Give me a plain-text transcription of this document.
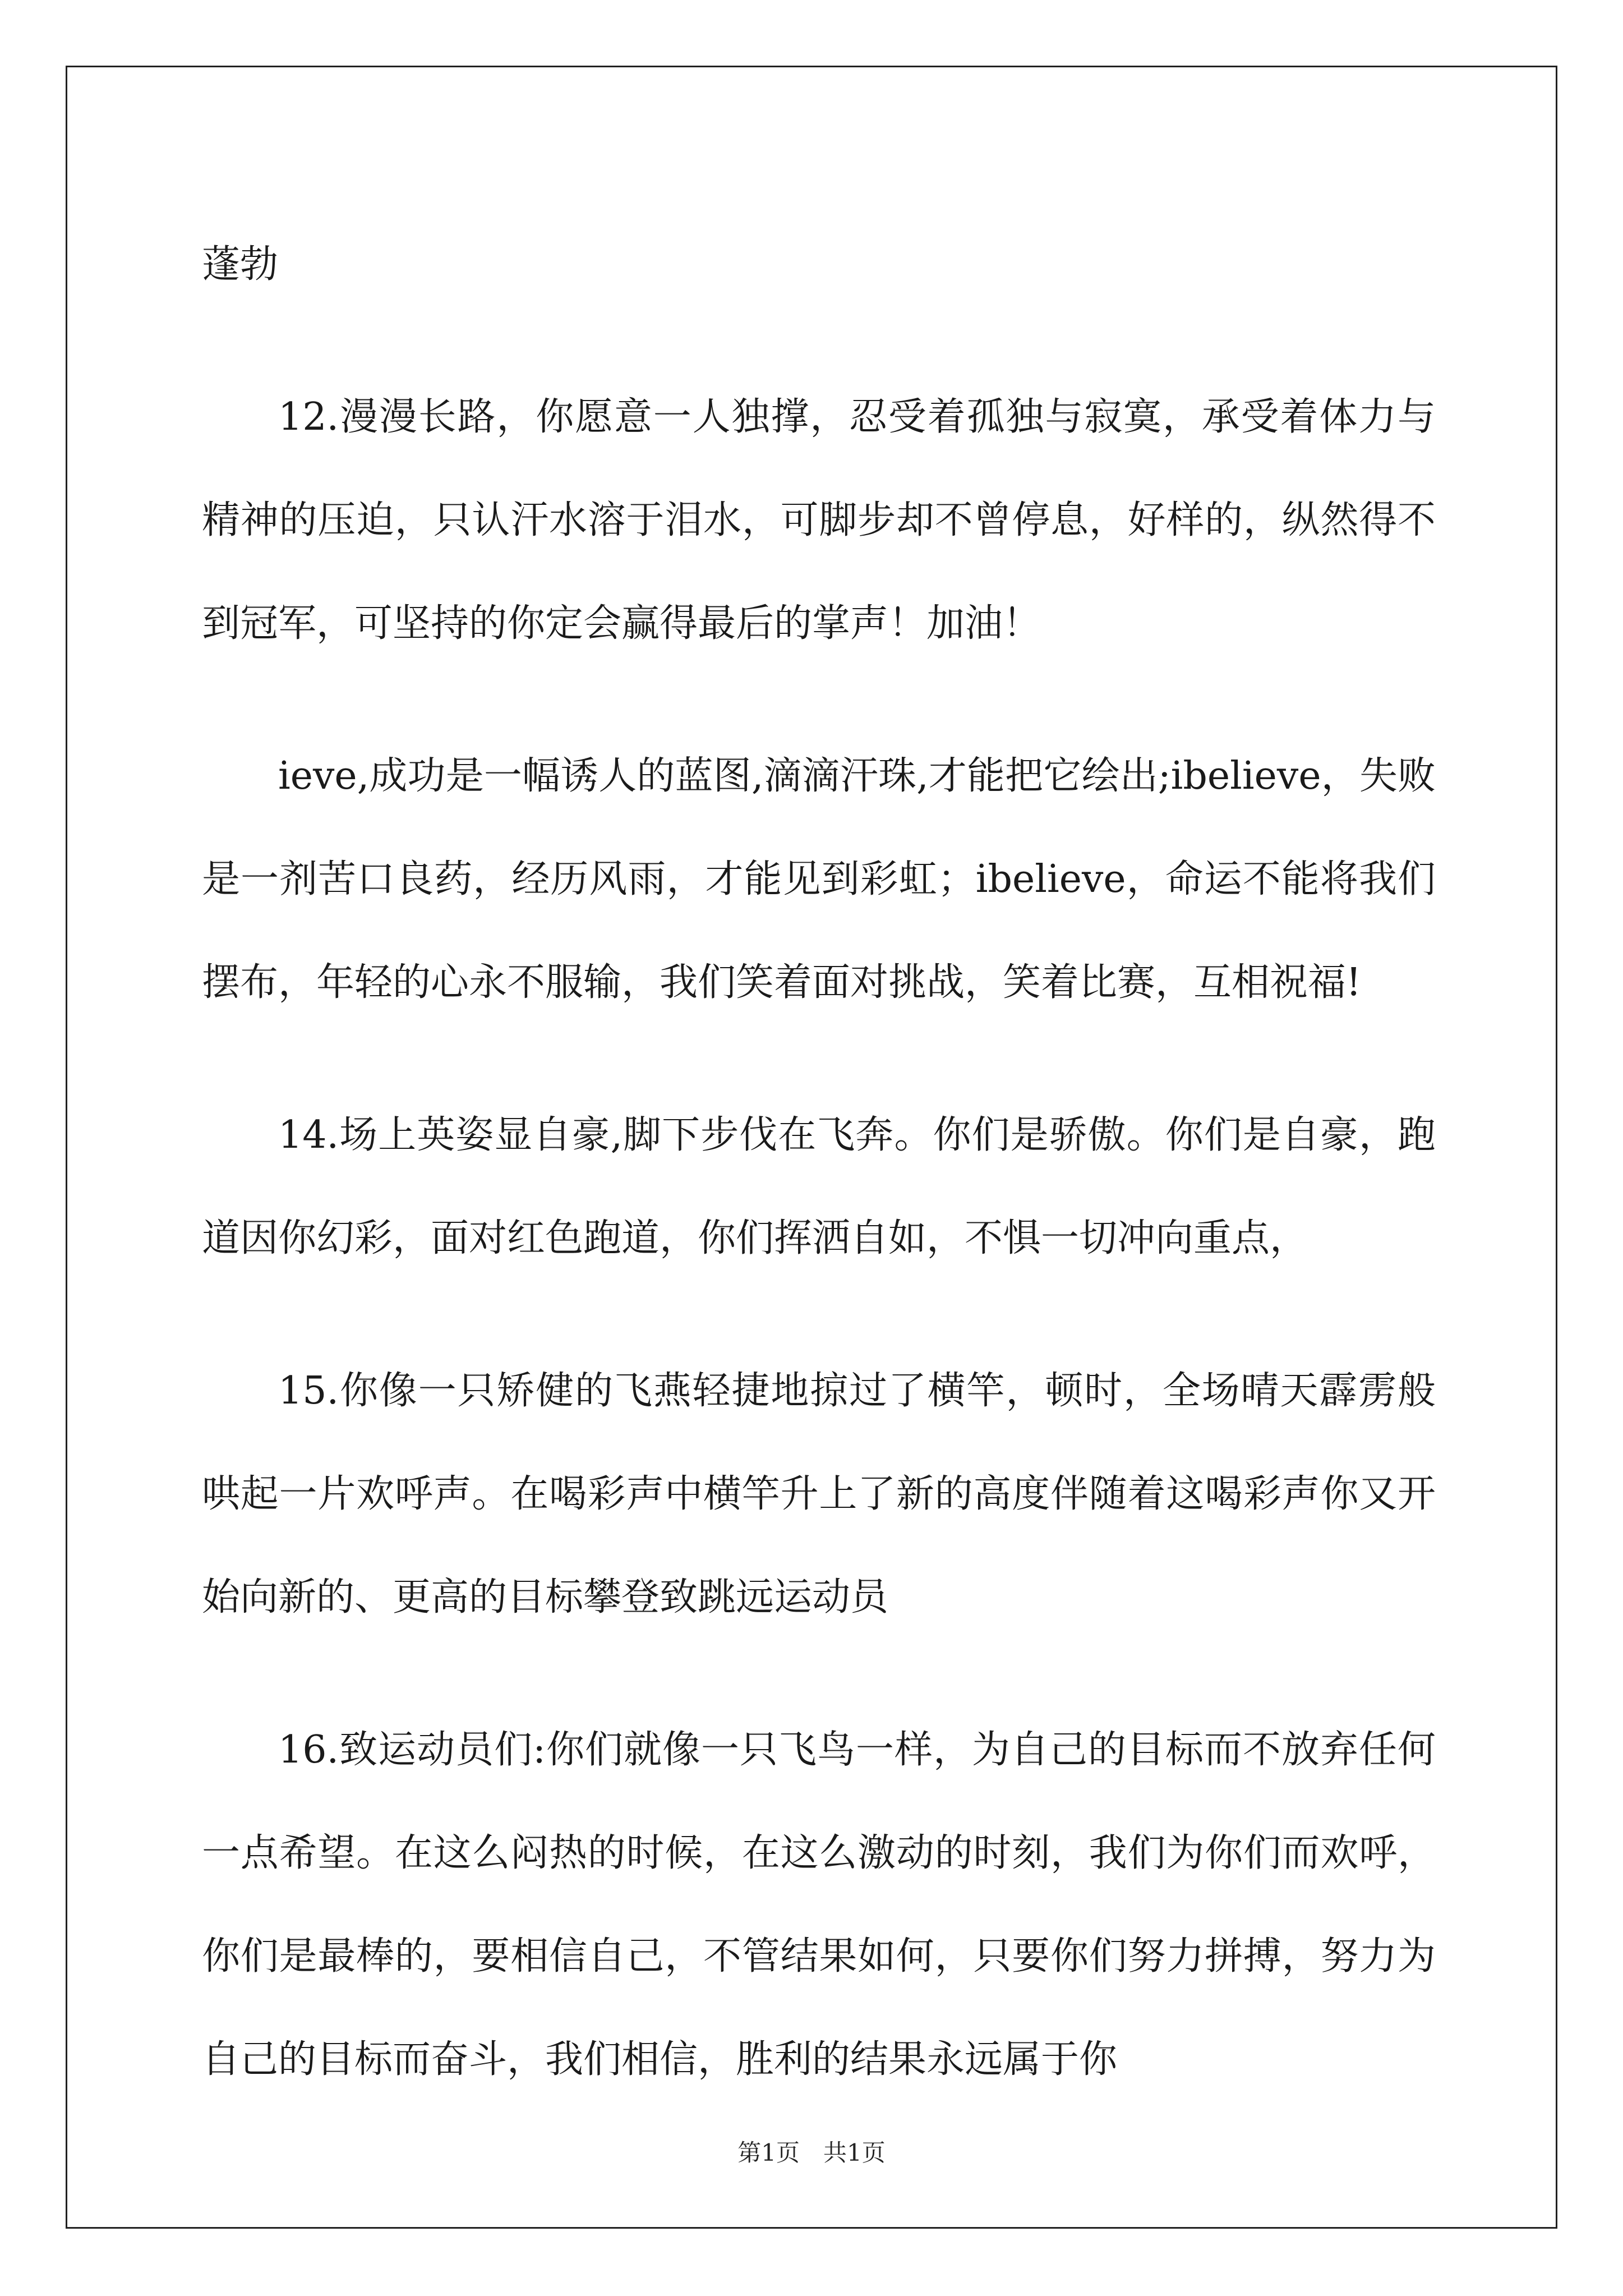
蓬勃

12.漫漫长路，你愿意一人独撑，忍受着孤独与寂寞，承受着体力与精神的压迫，只认汗水溶于泪水，可脚步却不曾停息，好样的，纵然得不到冠军，可坚持的你定会赢得最后的掌声！加油！

ieve,成功是一幅诱人的蓝图,滴滴汗珠,才能把它绘出;ibelieve，失败是一剂苦口良药，经历风雨，才能见到彩虹；ibelieve，命运不能将我们摆布，年轻的心永不服输，我们笑着面对挑战，笑着比赛，互相祝福!

14.场上英姿显自豪,脚下步伐在飞奔。你们是骄傲。你们是自豪，跑道因你幻彩，面对红色跑道，你们挥洒自如，不惧一切冲向重点，

15.你像一只矫健的飞燕轻捷地掠过了横竿，顿时，全场晴天霹雳般哄起一片欢呼声。在喝彩声中横竿升上了新的高度伴随着这喝彩声你又开始向新的、更高的目标攀登致跳远运动员

16.致运动员们:你们就像一只飞鸟一样，为自己的目标而不放弃任何一点希望。在这么闷热的时候，在这么激动的时刻，我们为你们而欢呼，你们是最棒的，要相信自己，不管结果如何，只要你们努力拼搏，努力为自己的目标而奋斗，我们相信，胜利的结果永远属于你

第1页　共1页
